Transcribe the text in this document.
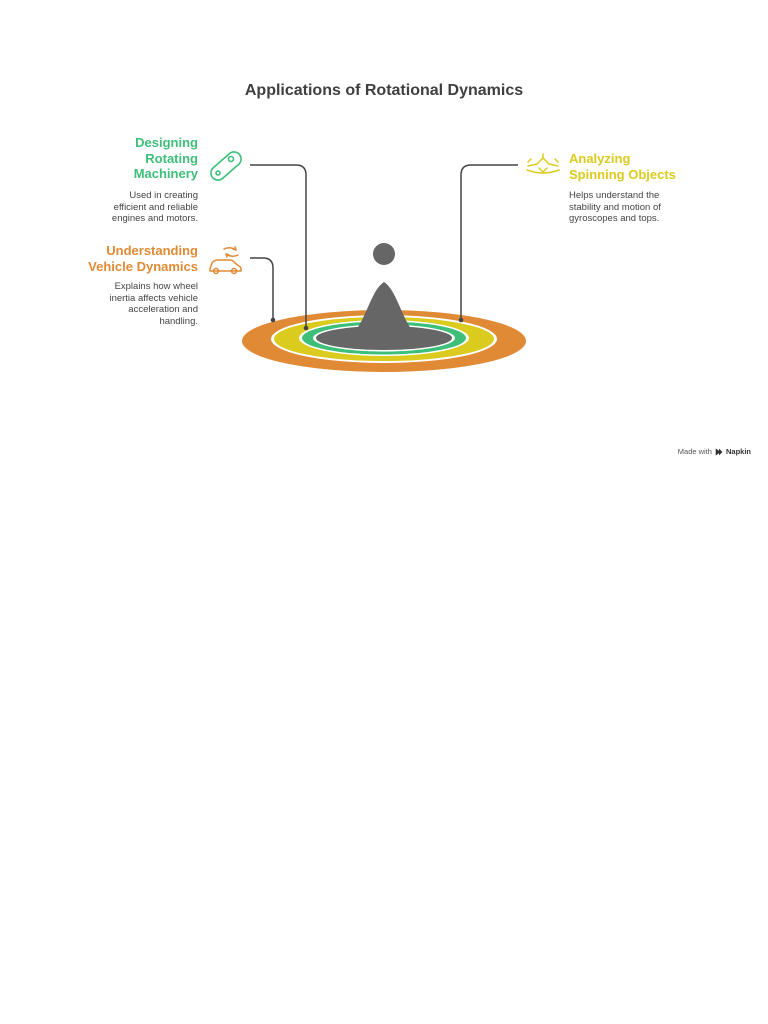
Applications of Rotational Dynamics
Designing
Rotating
Machinery
Used in creating
efficient and reliable
engines and motors.
Understanding
Vehicle Dynamics
Explains how wheel
inertia affects vehicle
acceleration and
handling.
Analyzing
Spinning Objects
Helps understand the
stability and motion of
gyroscopes and tops.
Made with Napkin
